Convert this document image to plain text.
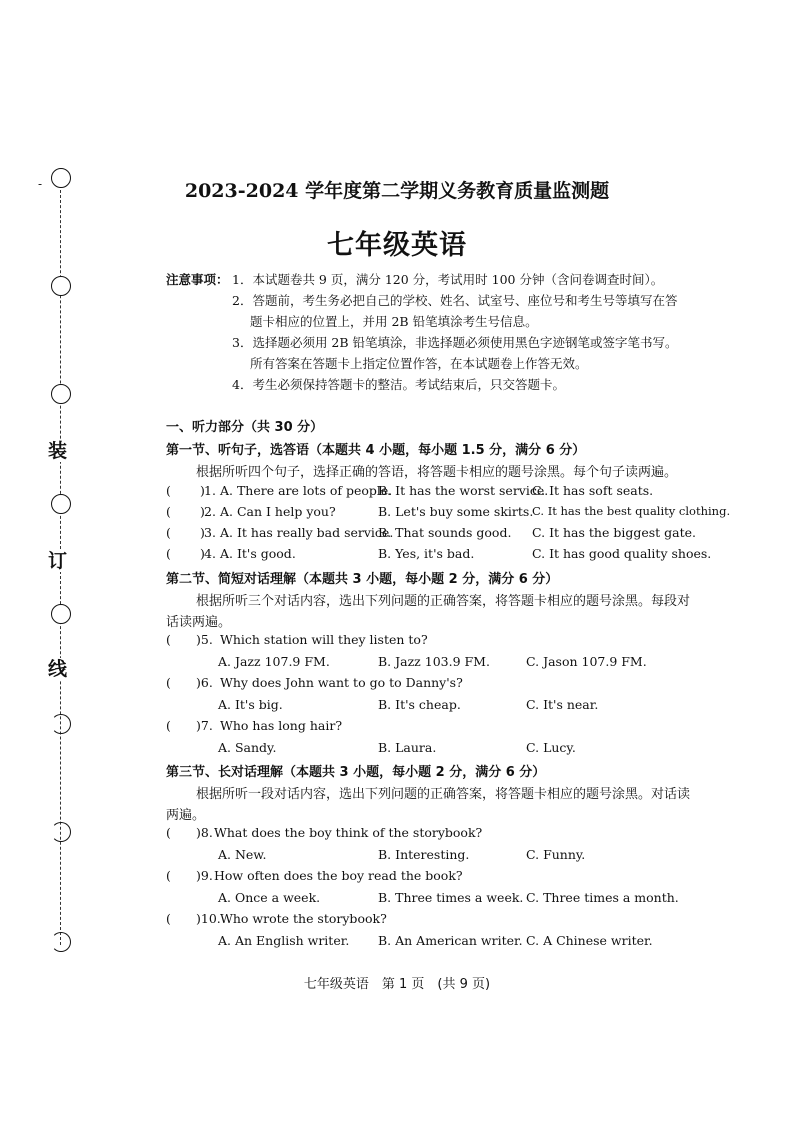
-
装
订
线
2023-2024 学年度第二学期义务教育质量监测题
七年级英语
注意事项： 1．本试题卷共 9 页，满分 120 分，考试用时 100 分钟（含问卷调查时间）。
2．答题前，考生务必把自己的学校、姓名、试室号、座位号和考生号等填写在答
题卡相应的位置上，并用 2B 铅笔填涂考生号信息。
3．选择题必须用 2B 铅笔填涂，非选择题必须使用黑色字迹钢笔或签字笔书写。
所有答案在答题卡上指定位置作答，在本试题卷上作答无效。
4．考生必须保持答题卡的整洁。考试结束后，只交答题卡。
一、听力部分（共 30 分）
第一节、听句子，选答语（本题共 4 小题，每小题 1.5 分，满分 6 分）
根据所听四个句子，选择正确的答语，将答题卡相应的题号涂黑。每个句子读两遍。
( ) 1. A. There are lots of people.
B. It has the worst service.
C. It has soft seats.
( ) 2. A. Can I help you?	B. Let's buy some skirts.
C. It has the best quality clothing.
( ) 3. A. It has really bad service.
B. That sounds good. C. It has the biggest gate.
( ) 4. A. It's good.	B. Yes, it's bad.	C. It has good quality shoes.
第二节、简短对话理解（本题共 3 小题，每小题 2 分，满分 6 分）
根据所听三个对话内容，选出下列问题的正确答案，将答题卡相应的题号涂黑。每段对
话读两遍。
( )5. Which station will they listen to?
A. Jazz 107.9 FM.	B. Jazz 103.9 FM.	C. Jason 107.9 FM.
( )6. Why does John want to go to Danny's?
A. It's big.	B. It's cheap.	C. It's near.
( )7. Who has long hair?
A. Sandy.	B. Laura.	C. Lucy.
第三节、长对话理解（本题共 3 小题，每小题 2 分，满分 6 分）
根据所听一段对话内容，选出下列问题的正确答案，将答题卡相应的题号涂黑。对话读
两遍。
( )8. What does the boy think of the storybook?
A. New.	B. Interesting.	C. Funny.
( )9. How often does the boy read the book?
A. Once a week.	B. Three times a week. C. Three times a month.
( )10. Who wrote the storybook?
A. An English writer. B. An American writer. C. A Chinese writer.
七年级英语　第 1 页　(共 9 页)
